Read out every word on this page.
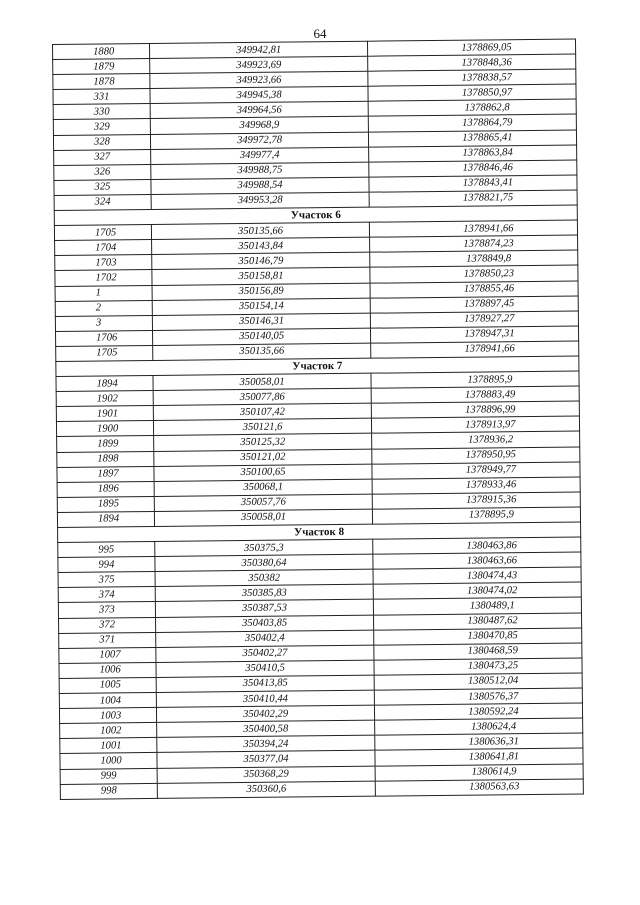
64
1880	349942,81	1378869,05
1879	349923,69	1378848,36
1878	349923,66	1378838,57
331	349945,38	1378850,97
330	349964,56	1378862,8
329	349968,9	1378864,79
328	349972,78	1378865,41
327	349977,4	1378863,84
326	349988,75	1378846,46
325	349988,54	1378843,41
324	349953,28	1378821,75
Участок 6		
1705	350135,66	1378941,66
1704	350143,84	1378874,23
1703	350146,79	1378849,8
1702	350158,81	1378850,23
1	350156,89	1378855,46
2	350154,14	1378897,45
3	350146,31	1378927,27
1706	350140,05	1378947,31
1705	350135,66	1378941,66
Участок 7		
1894	350058,01	1378895,9
1902	350077,86	1378883,49
1901	350107,42	1378896,99
1900	350121,6	1378913,97
1899	350125,32	1378936,2
1898	350121,02	1378950,95
1897	350100,65	1378949,77
1896	350068,1	1378933,46
1895	350057,76	1378915,36
1894	350058,01	1378895,9
Участок 8		
995	350375,3	1380463,86
994	350380,64	1380463,66
375	350382	1380474,43
374	350385,83	1380474,02
373	350387,53	1380489,1
372	350403,85	1380487,62
371	350402,4	1380470,85
1007	350402,27	1380468,59
1006	350410,5	1380473,25
1005	350413,85	1380512,04
1004	350410,44	1380576,37
1003	350402,29	1380592,24
1002	350400,58	1380624,4
1001	350394,24	1380636,31
1000	350377,04	1380641,81
999	350368,29	1380614,9
998	350360,6	1380563,63
